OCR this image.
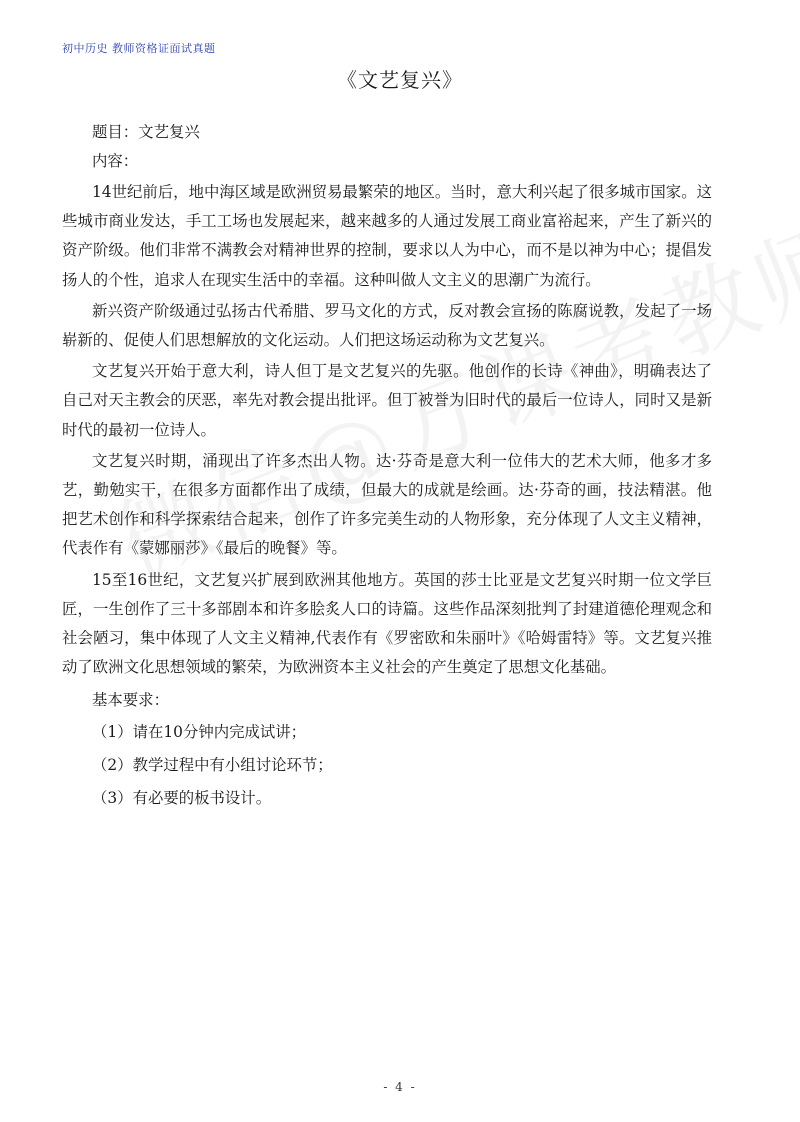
初中历史 教师资格证面试真题
《文艺复兴》

题目：文艺复兴

内容：

14世纪前后，地中海区域是欧洲贸易最繁荣的地区。当时，意大利兴起了很多城市国家。这些城市商业发达，手工工场也发展起来，越来越多的人通过发展工商业富裕起来，产生了新兴的资产阶级。他们非常不满教会对精神世界的控制，要求以人为中心，而不是以神为中心；提倡发扬人的个性，追求人在现实生活中的幸福。这种叫做人文主义的思潮广为流行。

新兴资产阶级通过弘扬古代希腊、罗马文化的方式，反对教会宣扬的陈腐说教，发起了一场崭新的、促使人们思想解放的文化运动。人们把这场运动称为文艺复兴。

文艺复兴开始于意大利，诗人但丁是文艺复兴的先驱。他创作的长诗《神曲》，明确表达了自己对天主教会的厌恶，率先对教会提出批评。但丁被誉为旧时代的最后一位诗人，同时又是新时代的最初一位诗人。

文艺复兴时期，涌现出了许多杰出人物。达·芬奇是意大利一位伟大的艺术大师，他多才多艺，勤勉实干，在很多方面都作出了成绩，但最大的成就是绘画。达·芬奇的画，技法精湛。他把艺术创作和科学探索结合起来，创作了许多完美生动的人物形象，充分体现了人文主义精神，代表作有《蒙娜丽莎》《最后的晚餐》等。

15至16世纪，文艺复兴扩展到欧洲其他地方。英国的莎士比亚是文艺复兴时期一位文学巨匠，一生创作了三十多部剧本和许多脍炙人口的诗篇。这些作品深刻批判了封建道德伦理观念和社会陋习，集中体现了人文主义精神,代表作有《罗密欧和朱丽叶》《哈姆雷特》等。文艺复兴推动了欧洲文化思想领域的繁荣，为欧洲资本主义社会的产生奠定了思想文化基础。

基本要求：

（1）请在10分钟内完成试讲；

（2）教学过程中有小组讨论环节；

（3）有必要的板书设计。

- 4 -
